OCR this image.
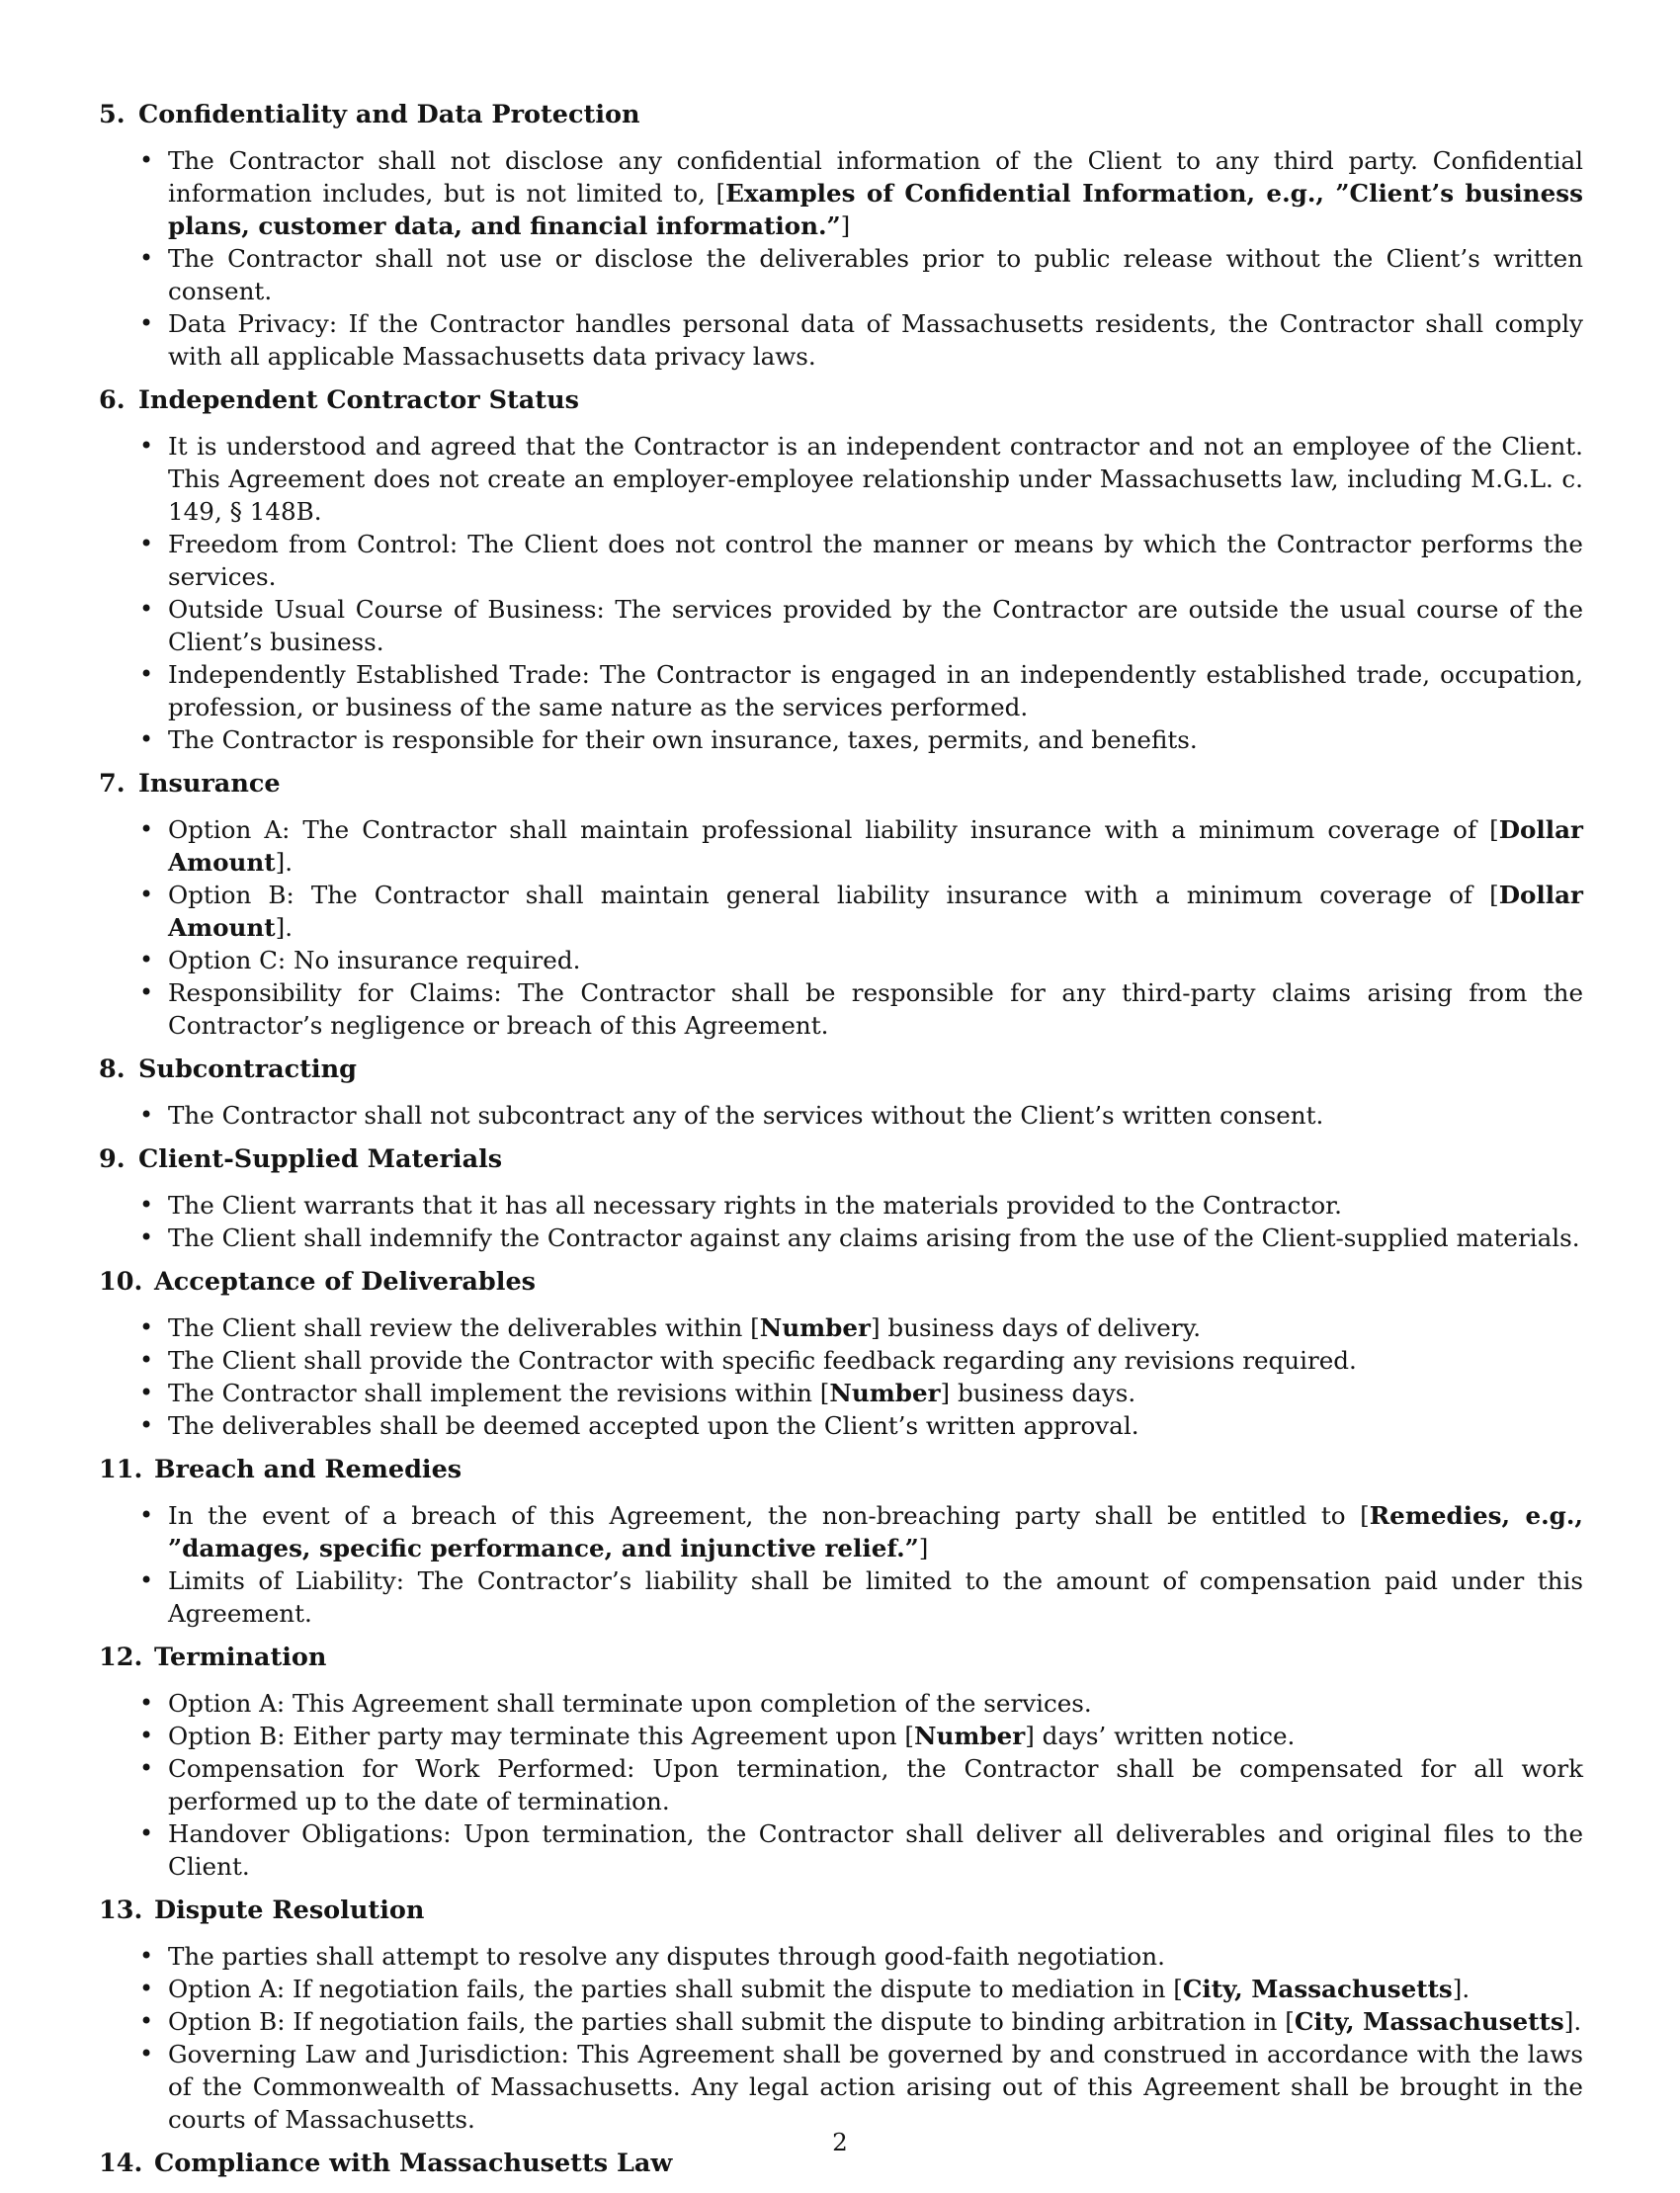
5. Confidentiality and Data Protection
• The Contractor shall not disclose any confidential information of the Client to any third party. Confidential information includes, but is not limited to, [Examples of Confidential Information, e.g., ”Client’s business plans, customer data, and financial information.”]
• The Contractor shall not use or disclose the deliverables prior to public release without the Client’s written consent.
• Data Privacy: If the Contractor handles personal data of Massachusetts residents, the Contractor shall comply with all applicable Massachusetts data privacy laws.
6. Independent Contractor Status
• It is understood and agreed that the Contractor is an independent contractor and not an employee of the Client. This Agreement does not create an employer-employee relationship under Massachusetts law, including M.G.L. c. 149, § 148B.
• Freedom from Control: The Client does not control the manner or means by which the Contractor performs the services.
• Outside Usual Course of Business: The services provided by the Contractor are outside the usual course of the Client’s business.
• Independently Established Trade: The Contractor is engaged in an independently established trade, occupation, profession, or business of the same nature as the services performed.
• The Contractor is responsible for their own insurance, taxes, permits, and benefits.
7. Insurance
• Option A: The Contractor shall maintain professional liability insurance with a minimum coverage of [Dollar Amount].
• Option B: The Contractor shall maintain general liability insurance with a minimum coverage of [Dollar Amount].
• Option C: No insurance required.
• Responsibility for Claims: The Contractor shall be responsible for any third-party claims arising from the Contractor’s negligence or breach of this Agreement.
8. Subcontracting
• The Contractor shall not subcontract any of the services without the Client’s written consent.
9. Client-Supplied Materials
• The Client warrants that it has all necessary rights in the materials provided to the Contractor.
• The Client shall indemnify the Contractor against any claims arising from the use of the Client-supplied materials.
10. Acceptance of Deliverables
• The Client shall review the deliverables within [Number] business days of delivery.
• The Client shall provide the Contractor with specific feedback regarding any revisions required.
• The Contractor shall implement the revisions within [Number] business days.
• The deliverables shall be deemed accepted upon the Client’s written approval.
11. Breach and Remedies
• In the event of a breach of this Agreement, the non-breaching party shall be entitled to [Remedies, e.g., ”damages, specific performance, and injunctive relief.”]
• Limits of Liability: The Contractor’s liability shall be limited to the amount of compensation paid under this Agreement.
12. Termination
• Option A: This Agreement shall terminate upon completion of the services.
• Option B: Either party may terminate this Agreement upon [Number] days’ written notice.
• Compensation for Work Performed: Upon termination, the Contractor shall be compensated for all work performed up to the date of termination.
• Handover Obligations: Upon termination, the Contractor shall deliver all deliverables and original files to the Client.
13. Dispute Resolution
• The parties shall attempt to resolve any disputes through good-faith negotiation.
• Option A: If negotiation fails, the parties shall submit the dispute to mediation in [City, Massachusetts].
• Option B: If negotiation fails, the parties shall submit the dispute to binding arbitration in [City, Massachusetts].
• Governing Law and Jurisdiction: This Agreement shall be governed by and construed in accordance with the laws of the Commonwealth of Massachusetts. Any legal action arising out of this Agreement shall be brought in the courts of Massachusetts.
14. Compliance with Massachusetts Law
2
